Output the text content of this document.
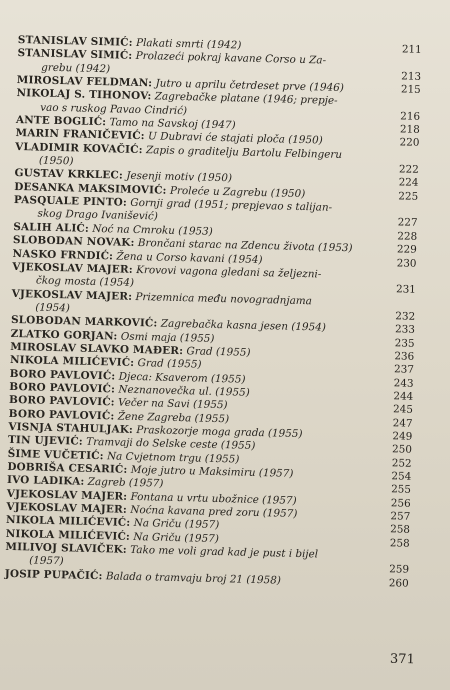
STANISLAV SIMIĆ: Plakati smrti (1942)	211
STANISLAV SIMIĆ: Prolazeći pokraj kavane Corso u Za-
grebu (1942)
213
MIROSLAV FELDMAN: Jutro u aprilu četrdeset prve (1946)	215
NIKOLAJ S. TIHONOV: Zagrebačke platane (1946; prepje-
vao s ruskog Pavao Cindrić)	216
ANTE BOGLIĆ: Tamo na Savskoj (1947)	218
MARIN FRANIČEVIĆ: U Dubravi će stajati ploča (1950)	220
VLADIMIR KOVAČIĆ: Zapis o graditelju Bartolu Felbingeru
(1950)
222
GUSTAV KRKLEC: Jesenji motiv (1950)	224
DESANKA MAKSIMOVIĆ: Proleće u Zagrebu (1950)	225
PASQUALE PINTO: Gornji grad (1951; prepjevao s talijan-
skog Drago Ivanišević)
227
SALIH ALIĆ: Noć na Cmroku (1953)	228
SLOBODAN NOVAK: Brončani starac na Zdencu života (1953)	229
NASKO FRNDIĆ: Žena u Corso kavani (1954)	230
VJEKOSLAV MAJER: Krovovi vagona gledani sa željezni-
čkog mosta (1954)
231
VJEKOSLAV MAJER: Prizemnica među novogradnjama
(1954)
232
SLOBODAN MARKOVIĆ: Zagrebačka kasna jesen (1954)	233
ZLATKO GORJAN: Osmi maja (1955)	235
MIROSLAV SLAVKO MAĐER: Grad (1955)	236
NIKOLA MILIĆEVIĆ: Grad (1955)	237
BORO PAVLOVIĆ: Djeca: Ksaverom (1955)	243
BORO PAVLOVIĆ: Neznanovečka ul. (1955)	244
BORO PAVLOVIĆ: Večer na Savi (1955)	245
BORO PAVLOVIĆ: Žene Zagreba (1955)	247
VISNJA STAHULJAK: Praskozorje moga grada (1955)	249
TIN UJEVIĆ: Tramvaji do Selske ceste (1955)	250
ŠIME VUČETIĆ: Na Cvjetnom trgu (1955)	252
DOBRIŠA CESARIĆ: Moje jutro u Maksimiru (1957)	254
IVO LADIKA: Zagreb (1957)	255
VJEKOSLAV MAJER: Fontana u vrtu ubožnice (1957)	256
VJEKOSLAV MAJER: Noćna kavana pred zoru (1957)	257
NIKOLA MILIĆEVIĆ: Na Griču (1957)	258
NIKOLA MILIĆEVIĆ: Na Griču (1957)	258
MILIVOJ SLAVIČEK: Tako me voli grad kad je pust i bijel
(1957)
259
JOSIP PUPAČIĆ: Balada o tramvaju broj 21 (1958)	260
371
